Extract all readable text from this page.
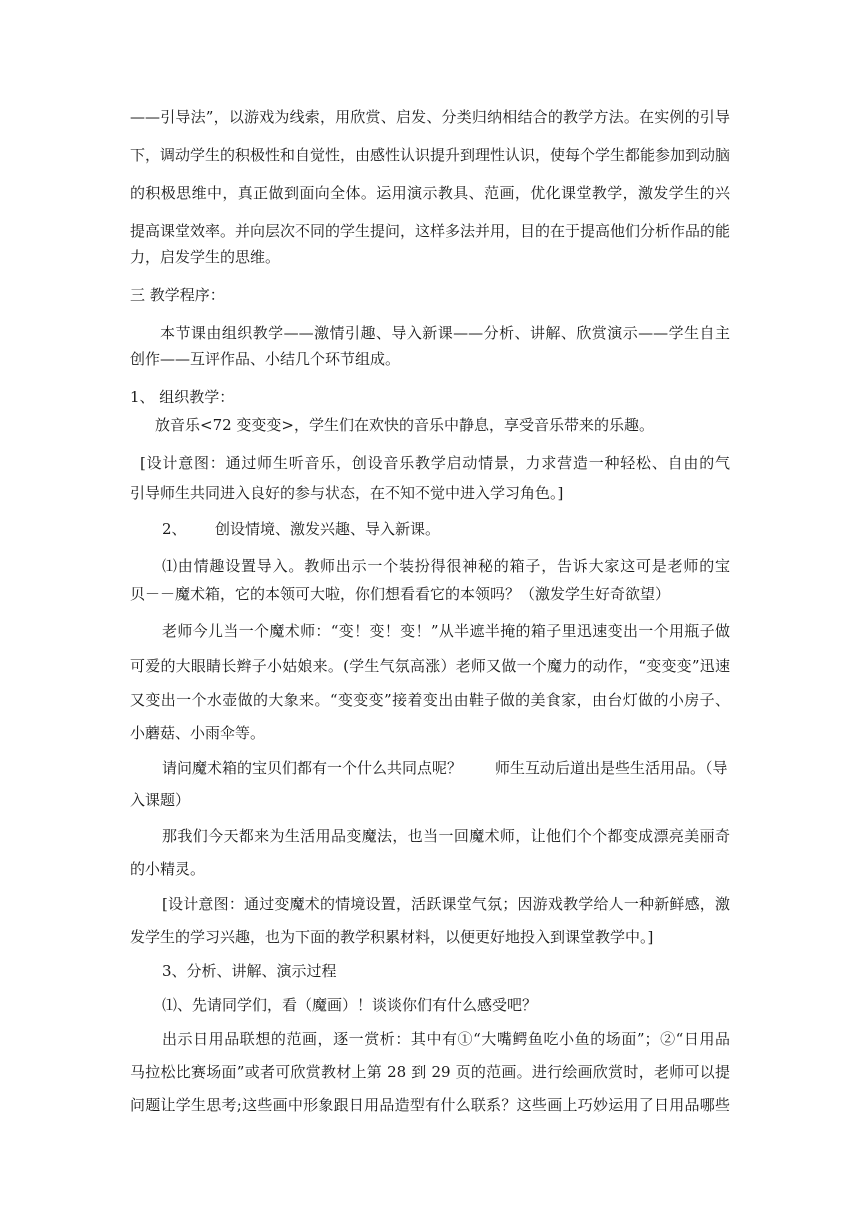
——引导法”，以游戏为线索，用欣赏、启发、分类归纳相结合的教学方法。在实例的引导
下，调动学生的积极性和自觉性，由感性认识提升到理性认识，使每个学生都能参加到动脑
的积极思维中，真正做到面向全体。运用演示教具、范画，优化课堂教学，激发学生的兴
提高课堂效率。并向层次不同的学生提问，这样多法并用，目的在于提高他们分析作品的能
力，启发学生的思维。
三 教学程序：
本节课由组织教学——激情引趣、导入新课——分析、讲解、欣赏演示——学生自主
创作——互评作品、小结几个环节组成。
1、 组织教学：
放音乐<72 变变变>，学生们在欢快的音乐中静息，享受音乐带来的乐趣。
[设计意图：通过师生听音乐，创设音乐教学启动情景，力求营造一种轻松、自由的气
引导师生共同进入良好的参与状态，在不知不觉中进入学习角色。]
2、 创设情境、激发兴趣、导入新课。
⑴由情趣设置导入。教师出示一个装扮得很神秘的箱子，告诉大家这可是老师的宝
贝－－魔术箱，它的本领可大啦，你们想看看它的本领吗？（激发学生好奇欲望）
老师今儿当一个魔术师：“变！变！变！”从半遮半掩的箱子里迅速变出一个用瓶子做
可爱的大眼睛长辫子小姑娘来。(学生气氛高涨）老师又做一个魔力的动作，“变变变”迅速
又变出一个水壶做的大象来。“变变变”接着变出由鞋子做的美食家，由台灯做的小房子、
小蘑菇、小雨伞等。
请问魔术箱的宝贝们都有一个什么共同点呢？ 师生互动后道出是些生活用品。（导
入课题）
那我们今天都来为生活用品变魔法，也当一回魔术师，让他们个个都变成漂亮美丽奇
的小精灵。
[设计意图：通过变魔术的情境设置，活跃课堂气氛；因游戏教学给人一种新鲜感，激
发学生的学习兴趣，也为下面的教学积累材料，以便更好地投入到课堂教学中。]
3、分析、讲解、演示过程
⑴、先请同学们，看（魔画）！谈谈你们有什么感受吧？
出示日用品联想的范画，逐一赏析：其中有①“大嘴鳄鱼吃小鱼的场面”；②“日用品
马拉松比赛场面”或者可欣赏教材上第 28 到 29 页的范画。进行绘画欣赏时，老师可以提
问题让学生思考;这些画中形象跟日用品造型有什么联系？这些画上巧妙运用了日用品哪些
